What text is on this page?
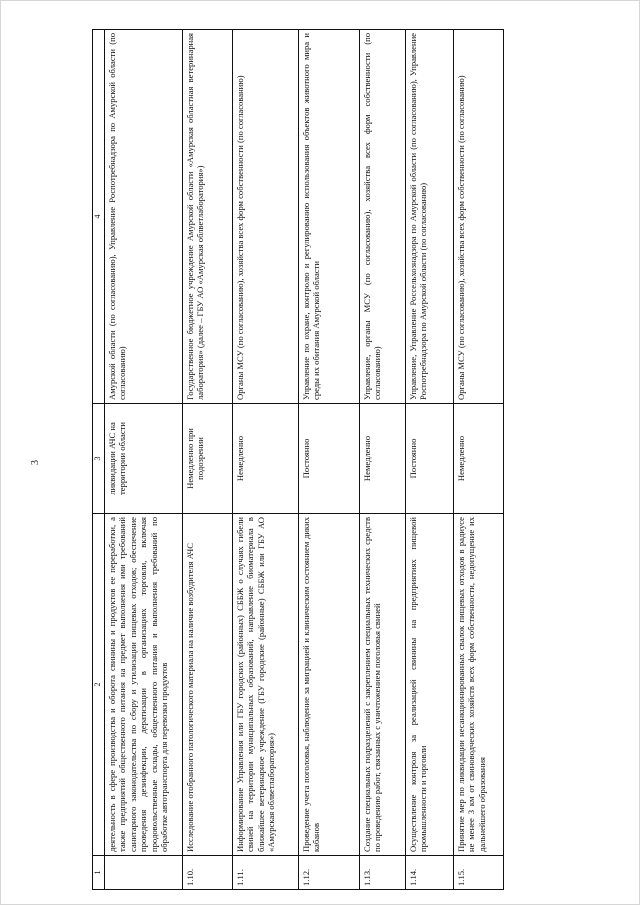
3
1	2	3	4
	деятельность в сфере производства и оборота свинины и продуктов ее переработки, а также предприятий общественного питания на предмет выполнения ими требований санитарного законодательства по сбору и утилизации пищевых отходов; обеспечение проведения дезинфекции, дератизации в организациях торговли, включая продовольственные склады, общественного питания и выполнения требований по обработке автотранспорта для перевозки продуктов	ликвидации АЧС на территории области	Амурской области (по согласованию), Управление Роспотребнадзора по Амурской области (по согласованию)
1.10.	Исследование отобранного патологического материала на наличие возбудителя АЧС	Немедленно при подозрении	Государственное бюджетное учреждение Амурской области «Амурская областная ветеринарная лаборатория» (далее – ГБУ АО «Амурская облветлаборатория»)
1.11.	Информирование Управления или ГБУ городских (районных) СББЖ о случаях гибели свиней на территории муниципальных образований, направление биоматериала в ближайшее ветеринарное учреждение (ГБУ городские (районные) СББЖ или ГБУ АО «Амурская облветлаборатория»)	Немедленно	Органы МСУ (по согласованию), хозяйства всех форм собственности (по согласованию)
1.12.	Проведение учета поголовья, наблюдение за миграцией и клиническим состоянием диких кабанов	Постоянно	Управление по охране, контролю и регулированию использования объектов животного мира и среды их обитания Амурской области
1.13.	Создание специальных подразделений с закреплением специальных технических средств по проведению работ, связанных с уничтожением поголовья свиней	Немедленно	Управление, органы МСУ (по согласованию), хозяйства всех форм собственности (по согласованию)
1.14.	Осуществление контроля за реализацией свинины на предприятиях пищевой промышленности и торговли	Постоянно	Управление, Управление Россельхознадзора по Амурской области (по согласованию), Управление Роспотребнадзора по Амурской области (по согласованию)
1.15.	Принятие мер по ликвидации несанкционированных свалок пищевых отходов в радиусе не менее 3 км от свиноводческих хозяйств всех форм собственности, недопущение их дальнейшего образования	Немедленно	Органы МСУ (по согласованию), хозяйства всех форм собственности (по согласованию)
